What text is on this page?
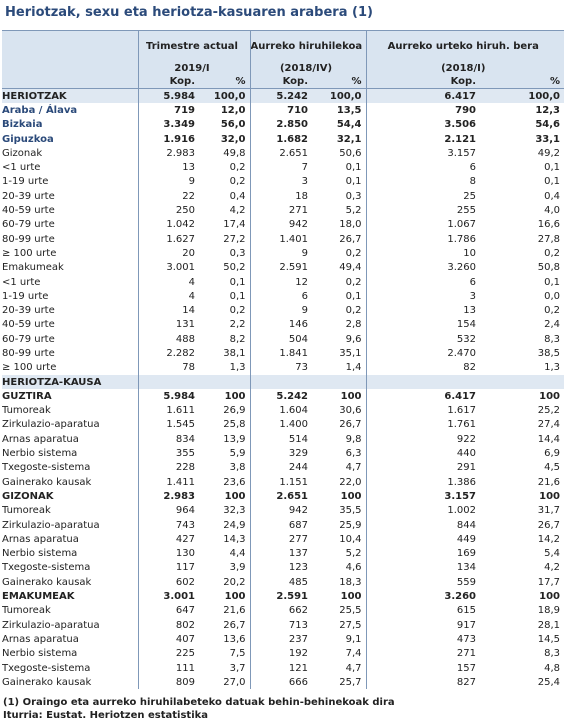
Heriotzak, sexu eta heriotza-kasuaren arabera (1)
	Trimestre actual		Aurreko hiruhilekoa		Aurreko urteko hiruh. bera	
	2019/I		(2018/IV)		(2018/I)	
	Kop.	%	Kop.	%	Kop.	%
HERIOTZAK	5.984	100,0	5.242	100,0	6.417	100,0
Araba / Álava	719	12,0	710	13,5	790	12,3
Bizkaia	3.349	56,0	2.850	54,4	3.506	54,6
Gipuzkoa	1.916	32,0	1.682	32,1	2.121	33,1
Gizonak	2.983	49,8	2.651	50,6	3.157	49,2
<1 urte	13	0,2	7	0,1	6	0,1
1-19 urte	9	0,2	3	0,1	8	0,1
20-39 urte	22	0,4	18	0,3	25	0,4
40-59 urte	250	4,2	271	5,2	255	4,0
60-79 urte	1.042	17,4	942	18,0	1.067	16,6
80-99 urte	1.627	27,2	1.401	26,7	1.786	27,8
≥ 100 urte	20	0,3	9	0,2	10	0,2
Emakumeak	3.001	50,2	2.591	49,4	3.260	50,8
<1 urte	4	0,1	12	0,2	6	0,1
1-19 urte	4	0,1	6	0,1	3	0,0
20-39 urte	14	0,2	9	0,2	13	0,2
40-59 urte	131	2,2	146	2,8	154	2,4
60-79 urte	488	8,2	504	9,6	532	8,3
80-99 urte	2.282	38,1	1.841	35,1	2.470	38,5
≥ 100 urte	78	1,3	73	1,4	82	1,3
HERIOTZA-KAUSA						
GUZTIRA	5.984	100	5.242	100	6.417	100
Tumoreak	1.611	26,9	1.604	30,6	1.617	25,2
Zirkulazio-aparatua	1.545	25,8	1.400	26,7	1.761	27,4
Arnas aparatua	834	13,9	514	9,8	922	14,4
Nerbio sistema	355	5,9	329	6,3	440	6,9
Txegoste-sistema	228	3,8	244	4,7	291	4,5
Gainerako kausak	1.411	23,6	1.151	22,0	1.386	21,6
GIZONAK	2.983	100	2.651	100	3.157	100
Tumoreak	964	32,3	942	35,5	1.002	31,7
Zirkulazio-aparatua	743	24,9	687	25,9	844	26,7
Arnas aparatua	427	14,3	277	10,4	449	14,2
Nerbio sistema	130	4,4	137	5,2	169	5,4
Txegoste-sistema	117	3,9	123	4,6	134	4,2
Gainerako kausak	602	20,2	485	18,3	559	17,7
EMAKUMEAK	3.001	100	2.591	100	3.260	100
Tumoreak	647	21,6	662	25,5	615	18,9
Zirkulazio-aparatua	802	26,7	713	27,5	917	28,1
Arnas aparatua	407	13,6	237	9,1	473	14,5
Nerbio sistema	225	7,5	192	7,4	271	8,3
Txegoste-sistema	111	3,7	121	4,7	157	4,8
Gainerako kausak	809	27,0	666	25,7	827	25,4
(1) Oraingo eta aurreko hiruhilabeteko datuak behin-behinekoak dira
Iturria: Eustat. Heriotzen estatistika
